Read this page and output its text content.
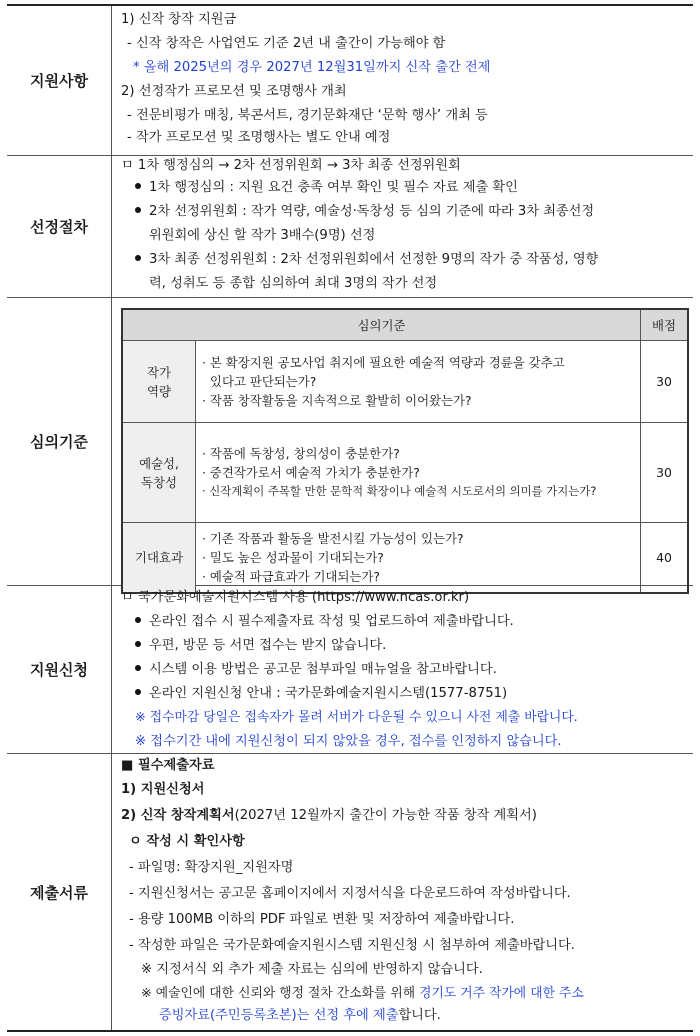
지원사항
1) 신작 창작 지원금
- 신작 창작은 사업연도 기준 2년 내 출간이 가능해야 함
* 올해 2025년의 경우 2027년 12월31일까지 신작 출간 전제
2) 선정작가 프로모션 및 조명행사 개최
- 전문비평가 매칭, 북콘서트, 경기문화재단 ‘문학 행사’ 개최 등
- 작가 프로모션 및 조명행사는 별도 안내 예정
선정절차
ㅁ 1차 행정심의 → 2차 선정위원회 → 3차 최종 선정위원회
1차 행정심의 : 지원 요건 충족 여부 확인 및 필수 자료 제출 확인
2차 선정위원회 : 작가 역량, 예술성·독창성 등 심의 기준에 따라 3차 최종선정
위원회에 상신 할 작가 3배수(9명) 선정
3차 최종 선정위원회 : 2차 선정위원회에서 선정한 9명의 작가 중 작품성, 영향
력, 성취도 등 종합 심의하여 최대 3명의 작가 선정
심의기준
심의기준		배점

작가
역량	· 본 확장지원 공모사업 취지에 필요한 예술적 역량과 경륜을 갖추고
있다고 판단되는가?
· 작품 창작활동을 지속적으로 활발히 이어왔는가?	30

예술성,
독창성	· 작품에 독창성, 창의성이 충분한가?
· 중견작가로서 예술적 가치가 충분한가?
· 신작계획이 주목할 만한 문학적 확장이나 예술적 시도로서의 의미를 가지는가?	30

기대효과	· 기존 작품과 활동을 발전시킬 가능성이 있는가?
· 밀도 높은 성과물이 기대되는가?
· 예술적 파급효과가 기대되는가?	40
지원신청
ㅁ 국가문화예술지원시스템 사용 (https://www.ncas.or.kr)
온라인 접수 시 필수제출자료 작성 및 업로드하여 제출바랍니다.
우편, 방문 등 서면 접수는 받지 않습니다.
시스템 이용 방법은 공고문 첨부파일 매뉴얼을 참고바랍니다.
온라인 지원신청 안내 : 국가문화예술지원시스템(1577-8751)
※ 접수마감 당일은 접속자가 몰려 서버가 다운될 수 있으니 사전 제출 바랍니다.
※ 접수기간 내에 지원신청이 되지 않았을 경우, 접수를 인정하지 않습니다.
제출서류
■ 필수제출자료
1) 지원신청서
2) 신작 창작계획서(2027년 12월까지 출간이 가능한 작품 창작 계획서)
ㅇ 작성 시 확인사항
- 파일명: 확장지원_지원자명
- 지원신청서는 공고문 홈페이지에서 지정서식을 다운로드하여 작성바랍니다.
- 용량 100MB 이하의 PDF 파일로 변환 및 저장하여 제출바랍니다.
- 작성한 파일은 국가문화예술지원시스템 지원신청 시 첨부하여 제출바랍니다.
※ 지정서식 외 추가 제출 자료는 심의에 반영하지 않습니다.
※ 예술인에 대한 신뢰와 행정 절차 간소화를 위해 경기도 거주 작가에 대한 주소
증빙자료(주민등록초본)는 선정 후에 제출합니다.
